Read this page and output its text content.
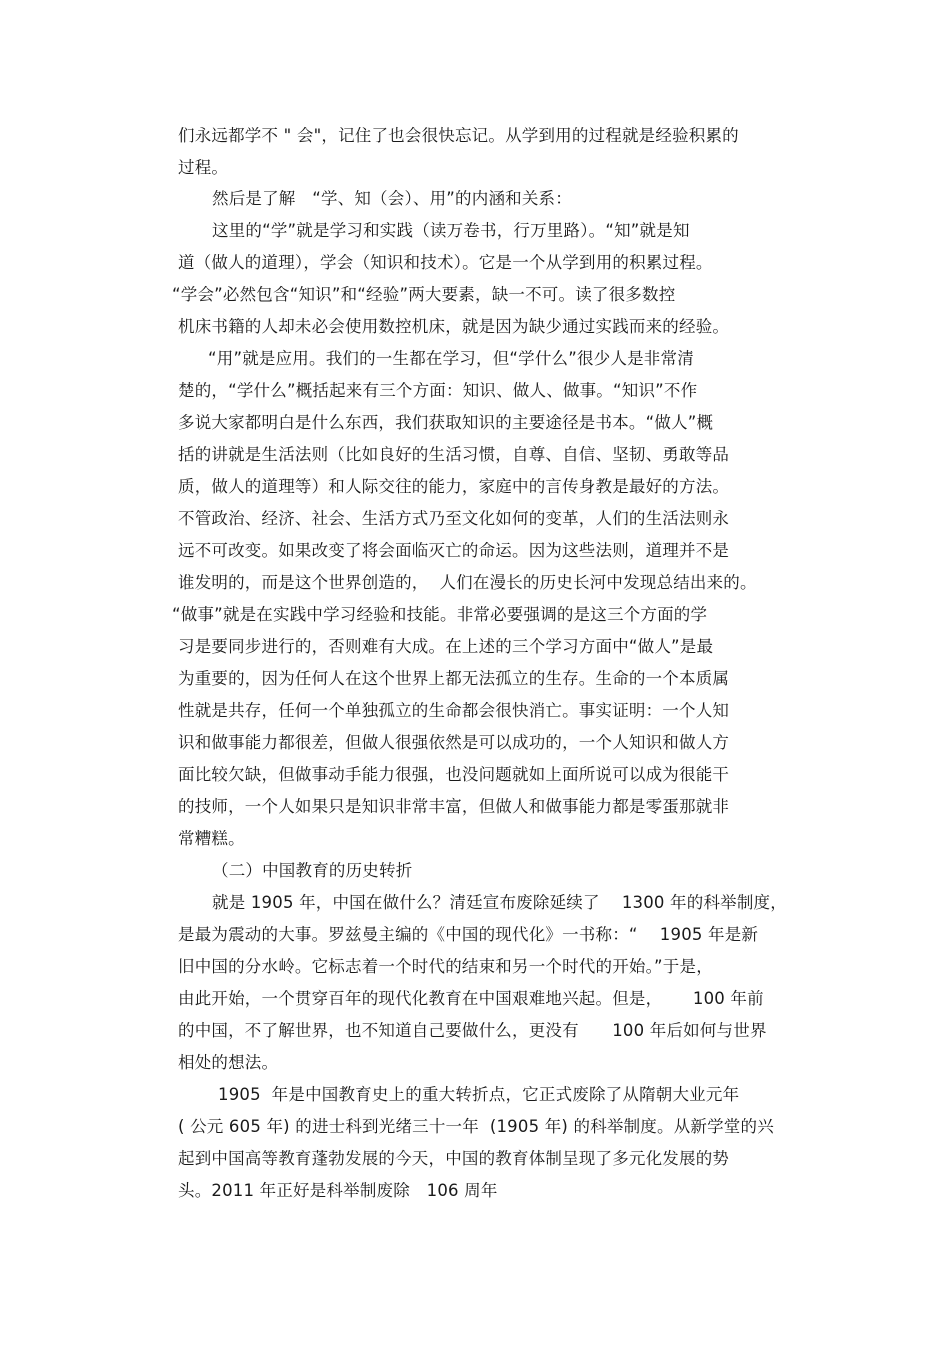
们永远都学不 " 会"，记住了也会很快忘记。从学到用的过程就是经验积累的
过程。
然后是了解　“学、知（会）、用”的内涵和关系：
这里的“学”就是学习和实践（读万卷书，行万里路）。“知”就是知
道（做人的道理），学会（知识和技术）。它是一个从学到用的积累过程。
“学会”必然包含“知识”和“经验”两大要素，缺一不可。读了很多数控
机床书籍的人却未必会使用数控机床，就是因为缺少通过实践而来的经验。
“用”就是应用。我们的一生都在学习，但“学什么”很少人是非常清
楚的，“学什么”概括起来有三个方面：知识、做人、做事。“知识”不作
多说大家都明白是什么东西，我们获取知识的主要途径是书本。“做人”概
括的讲就是生活法则（比如良好的生活习惯，自尊、自信、坚韧、勇敢等品
质，做人的道理等）和人际交往的能力，家庭中的言传身教是最好的方法。
不管政治、经济、社会、生活方式乃至文化如何的变革，人们的生活法则永
远不可改变。如果改变了将会面临灭亡的命运。因为这些法则，道理并不是
谁发明的，而是这个世界创造的，  人们在漫长的历史长河中发现总结出来的。
“做事”就是在实践中学习经验和技能。非常必要强调的是这三个方面的学
习是要同步进行的，否则难有大成。在上述的三个学习方面中“做人”是最
为重要的，因为任何人在这个世界上都无法孤立的生存。生命的一个本质属
性就是共存，任何一个单独孤立的生命都会很快消亡。事实证明：一个人知
识和做事能力都很差，但做人很强依然是可以成功的，一个人知识和做人方
面比较欠缺，但做事动手能力很强，也没问题就如上面所说可以成为很能干
的技师，一个人如果只是知识非常丰富，但做人和做事能力都是零蛋那就非
常糟糕。
（二）中国教育的历史转折
就是 1905 年，中国在做什么？清廷宣布废除延续了　 1300 年的科举制度，
是最为震动的大事。罗兹曼主编的《中国的现代化》一书称：“　 1905 年是新
旧中国的分水岭。它标志着一个时代的结束和另一个时代的开始。”于是，
由此开始，一个贯穿百年的现代化教育在中国艰难地兴起。但是，　　 100 年前
的中国，不了解世界，也不知道自己要做什么，更没有　　100 年后如何与世界
相处的想法。
1905  年是中国教育史上的重大转折点，它正式废除了从隋朝大业元年
( 公元 605 年) 的进士科到光绪三十一年  (1905 年) 的科举制度。从新学堂的兴
起到中国高等教育蓬勃发展的今天，中国的教育体制呈现了多元化发展的势
头。2011 年正好是科举制废除　106 周年
